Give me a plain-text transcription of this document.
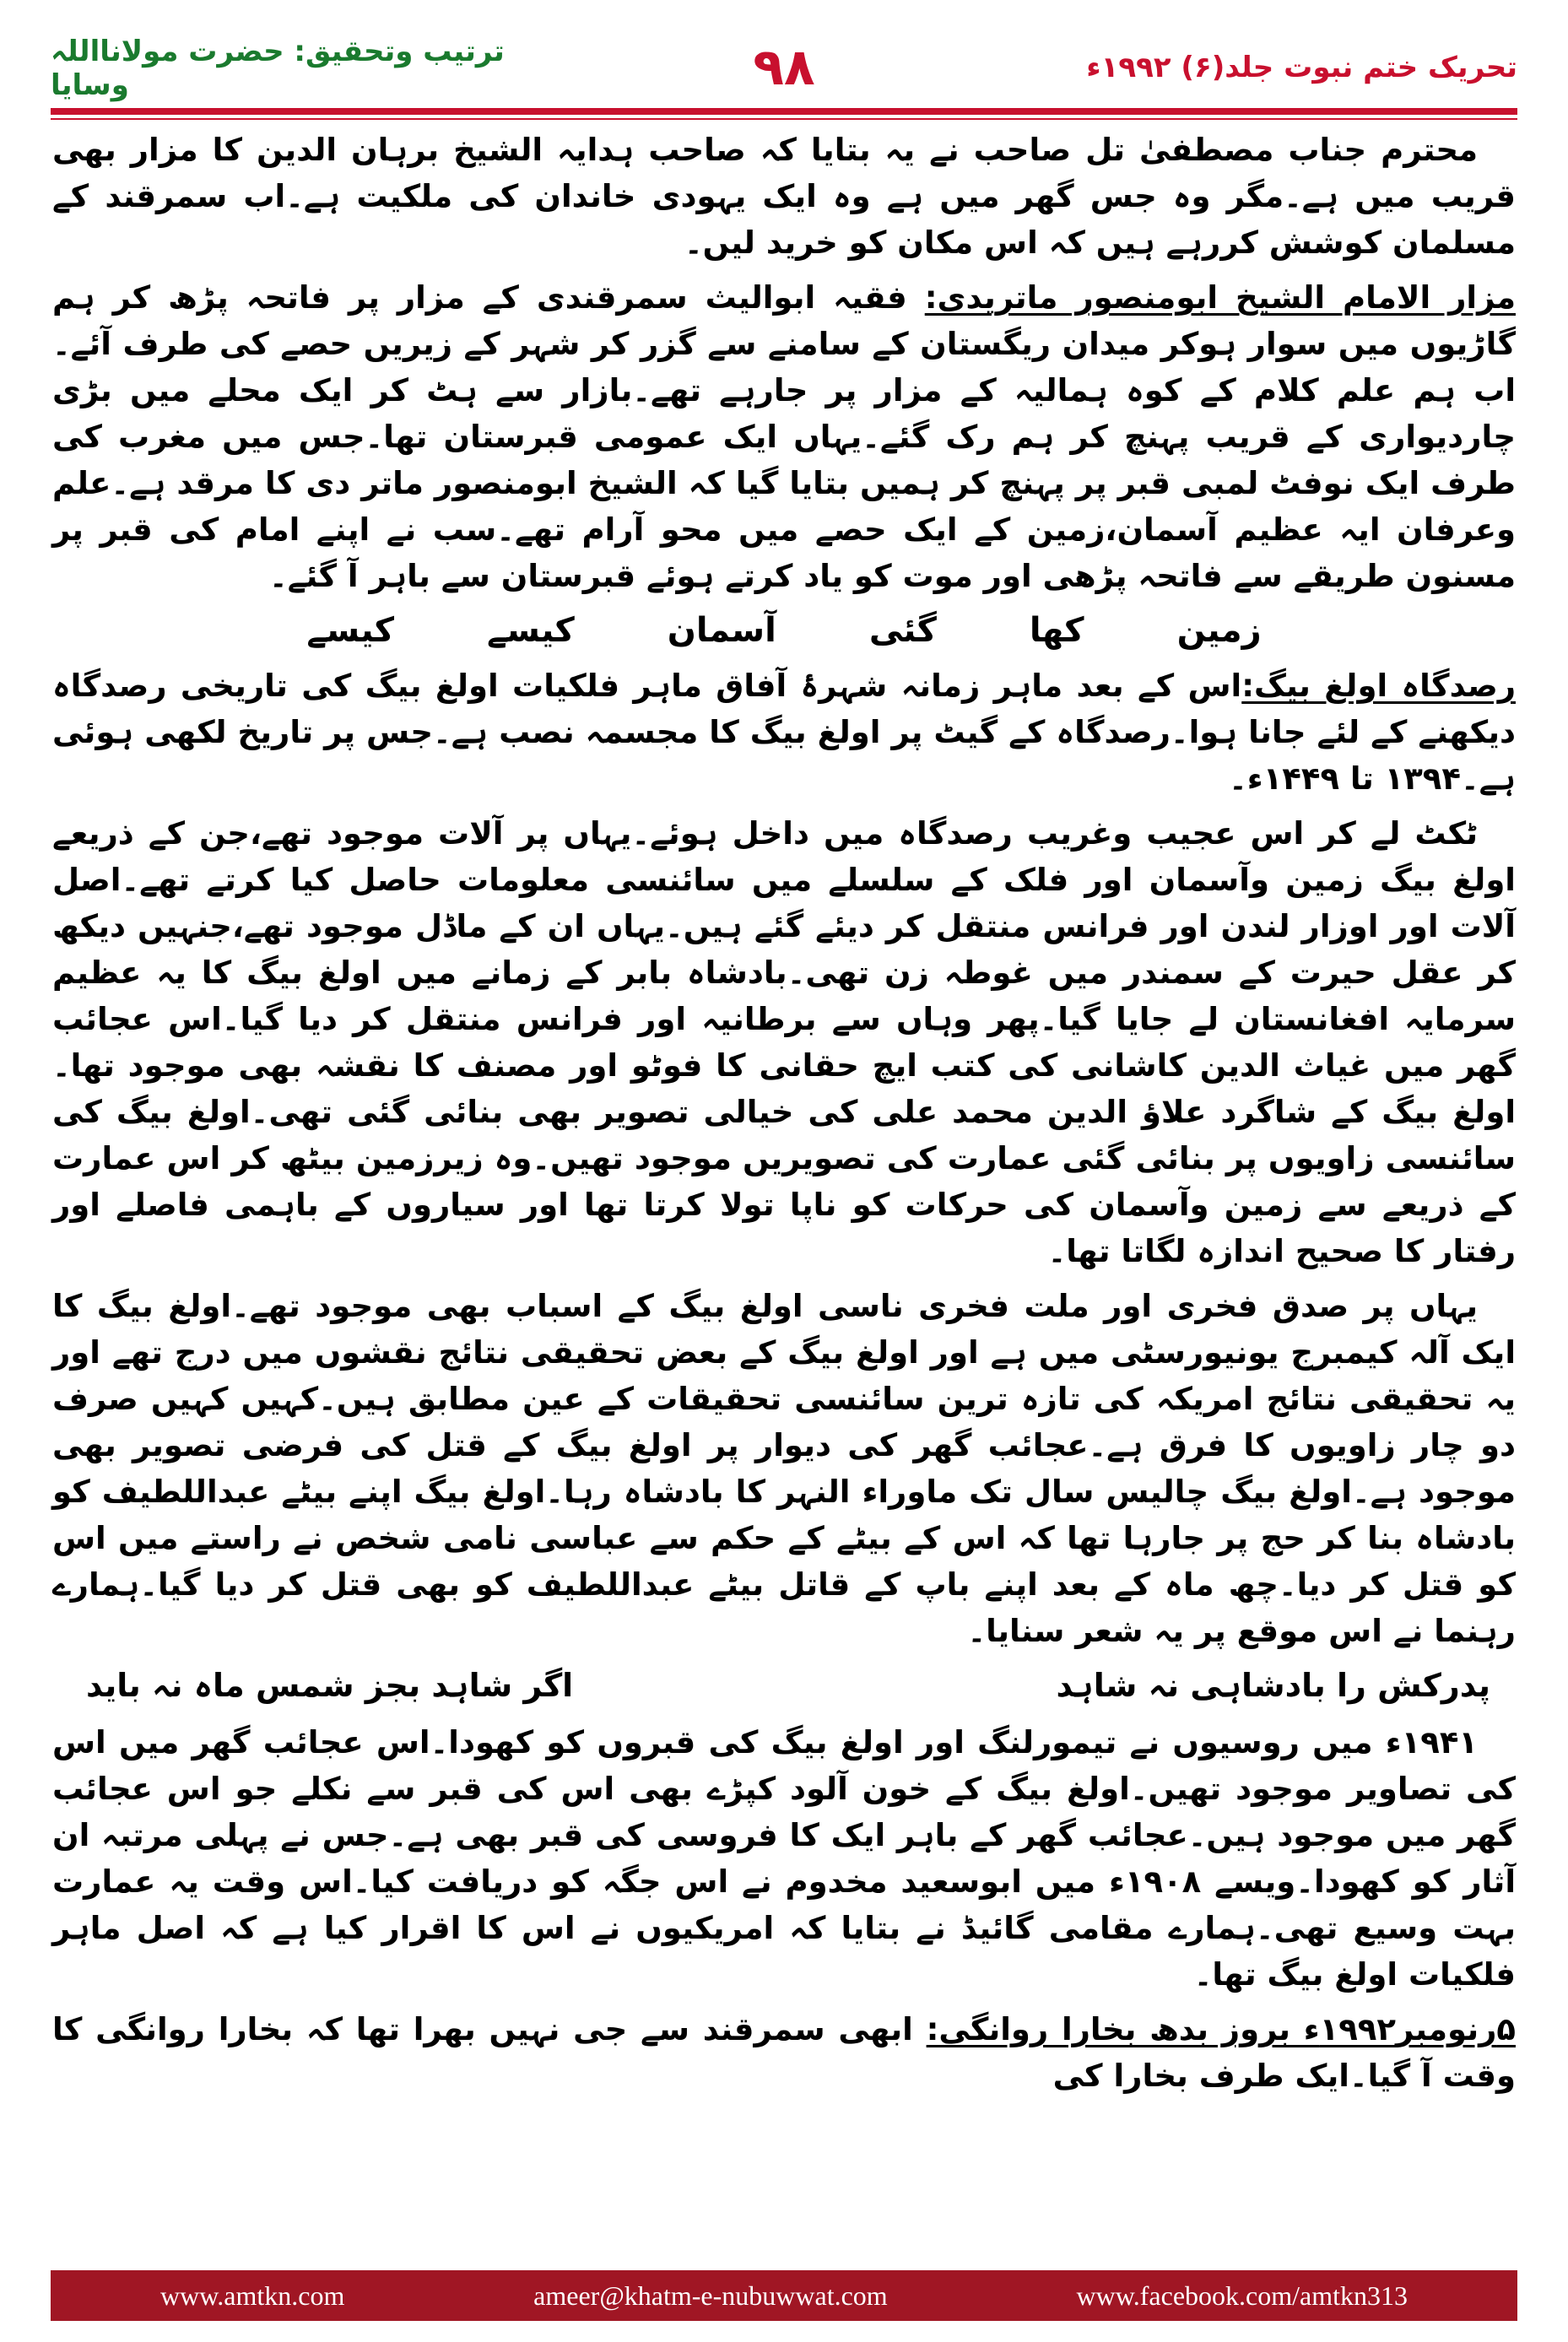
ترتیب وتحقیق: حضرت مولانااللہ وسایا	۹۸	تحریک ختم نبوت جلد(۶) ۱۹۹۲ء

محترم جناب مصطفیٰ تل صاحب نے یہ بتایا کہ صاحب ہدایہ الشیخ برہان الدین کا مزار بھی قریب میں ہے۔مگر وہ جس گھر میں ہے وہ ایک یہودی خاندان کی ملکیت ہے۔اب سمرقند کے مسلمان کوشش کررہے ہیں کہ اس مکان کو خرید لیں۔

مزار الامام الشیخ ابومنصور ماتریدی: فقیہ ابوالیث سمرقندی کے مزار پر فاتحہ پڑھ کر ہم گاڑیوں میں سوار ہوکر میدان ریگستان کے سامنے سے گزر کر شہر کے زیریں حصے کی طرف آئے۔اب ہم علم کلام کے کوہ ہمالیہ کے مزار پر جارہے تھے۔بازار سے ہٹ کر ایک محلے میں بڑی چاردیواری کے قریب پہنچ کر ہم رک گئے۔یہاں ایک عمومی قبرستان تھا۔جس میں مغرب کی طرف ایک نوفٹ لمبی قبر پر پہنچ کر ہمیں بتایا گیا کہ الشیخ ابومنصور ماتر دی کا مرقد ہے۔علم وعرفان ایہ عظیم آسمان،زمین کے ایک حصے میں محو آرام تھے۔سب نے اپنے امام کی قبر پر مسنون طریقے سے فاتحہ پڑھی اور موت کو یاد کرتے ہوئے قبرستان سے باہر آ گئے۔

زمین
کھا
گئی
آسمان
کیسے
کیسے

رصدگاہ اولغ بیگ:اس کے بعد ماہر زمانہ شہرۂ آفاق ماہر فلکیات اولغ بیگ کی تاریخی رصدگاہ دیکھنے کے لئے جانا ہوا۔رصدگاہ کے گیٹ پر اولغ بیگ کا مجسمہ نصب ہے۔جس پر تاریخ لکھی ہوئی ہے۔۱۳۹۴ تا ۱۴۴۹ء۔

ٹکٹ لے کر اس عجیب وغریب رصدگاہ میں داخل ہوئے۔یہاں پر آلات موجود تھے،جن کے ذریعے اولغ بیگ زمین وآسمان اور فلک کے سلسلے میں سائنسی معلومات حاصل کیا کرتے تھے۔اصل آلات اور اوزار لندن اور فرانس منتقل کر دیئے گئے ہیں۔یہاں ان کے ماڈل موجود تھے،جنہیں دیکھ کر عقل حیرت کے سمندر میں غوطہ زن تھی۔بادشاہ بابر کے زمانے میں اولغ بیگ کا یہ عظیم سرمایہ افغانستان لے جایا گیا۔پھر وہاں سے برطانیہ اور فرانس منتقل کر دیا گیا۔اس عجائب گھر میں غیاث الدین کاشانی کی کتب ایچ حقانی کا فوٹو اور مصنف کا نقشہ بھی موجود تھا۔اولغ بیگ کے شاگرد علاؤ الدین محمد علی کی خیالی تصویر بھی بنائی گئی تھی۔اولغ بیگ کی سائنسی زاویوں پر بنائی گئی عمارت کی تصویریں موجود تھیں۔وہ زیرزمین بیٹھ کر اس عمارت کے ذریعے سے زمین وآسمان کی حرکات کو ناپا تولا کرتا تھا اور سیاروں کے باہمی فاصلے اور رفتار کا صحیح اندازہ لگاتا تھا۔

یہاں پر صدق فخری اور ملت فخری ناسی اولغ بیگ کے اسباب بھی موجود تھے۔اولغ بیگ کا ایک آلہ کیمبرج یونیورسٹی میں ہے اور اولغ بیگ کے بعض تحقیقی نتائج نقشوں میں درج تھے اور یہ تحقیقی نتائج امریکہ کی تازہ ترین سائنسی تحقیقات کے عین مطابق ہیں۔کہیں کہیں صرف دو چار زاویوں کا فرق ہے۔عجائب گھر کی دیوار پر اولغ بیگ کے قتل کی فرضی تصویر بھی موجود ہے۔اولغ بیگ چالیس سال تک ماوراء النہر کا بادشاہ رہا۔اولغ بیگ اپنے بیٹے عبداللطیف کو بادشاہ بنا کر حج پر جارہا تھا کہ اس کے بیٹے کے حکم سے عباسی نامی شخص نے راستے میں اس کو قتل کر دیا۔چھ ماہ کے بعد اپنے باپ کے قاتل بیٹے عبداللطیف کو بھی قتل کر دیا گیا۔ہمارے رہنما نے اس موقع پر یہ شعر سنایا۔

پدرکش را بادشاہی نہ شاہد
اگر شاہد بجز شمس ماہ نہ باید

۱۹۴۱ء میں روسیوں نے تیمورلنگ اور اولغ بیگ کی قبروں کو کھودا۔اس عجائب گھر میں اس کی تصاویر موجود تھیں۔اولغ بیگ کے خون آلود کپڑے بھی اس کی قبر سے نکلے جو اس عجائب گھر میں موجود ہیں۔عجائب گھر کے باہر ایک کا فروسی کی قبر بھی ہے۔جس نے پہلی مرتبہ ان آثار کو کھودا۔ویسے ۱۹۰۸ء میں ابوسعید مخدوم نے اس جگہ کو دریافت کیا۔اس وقت یہ عمارت بہت وسیع تھی۔ہمارے مقامی گائیڈ نے بتایا کہ امریکیوں نے اس کا اقرار کیا ہے کہ اصل ماہر فلکیات اولغ بیگ تھا۔

۵رنومبر۱۹۹۲ء بروز بدھ بخارا روانگی: ابھی سمرقند سے جی نہیں بھرا تھا کہ بخارا روانگی کا وقت آ گیا۔ایک طرف بخارا کی

www.amtkn.com	ameer@khatm-e-nubuwwat.com	www.facebook.com/amtkn313
